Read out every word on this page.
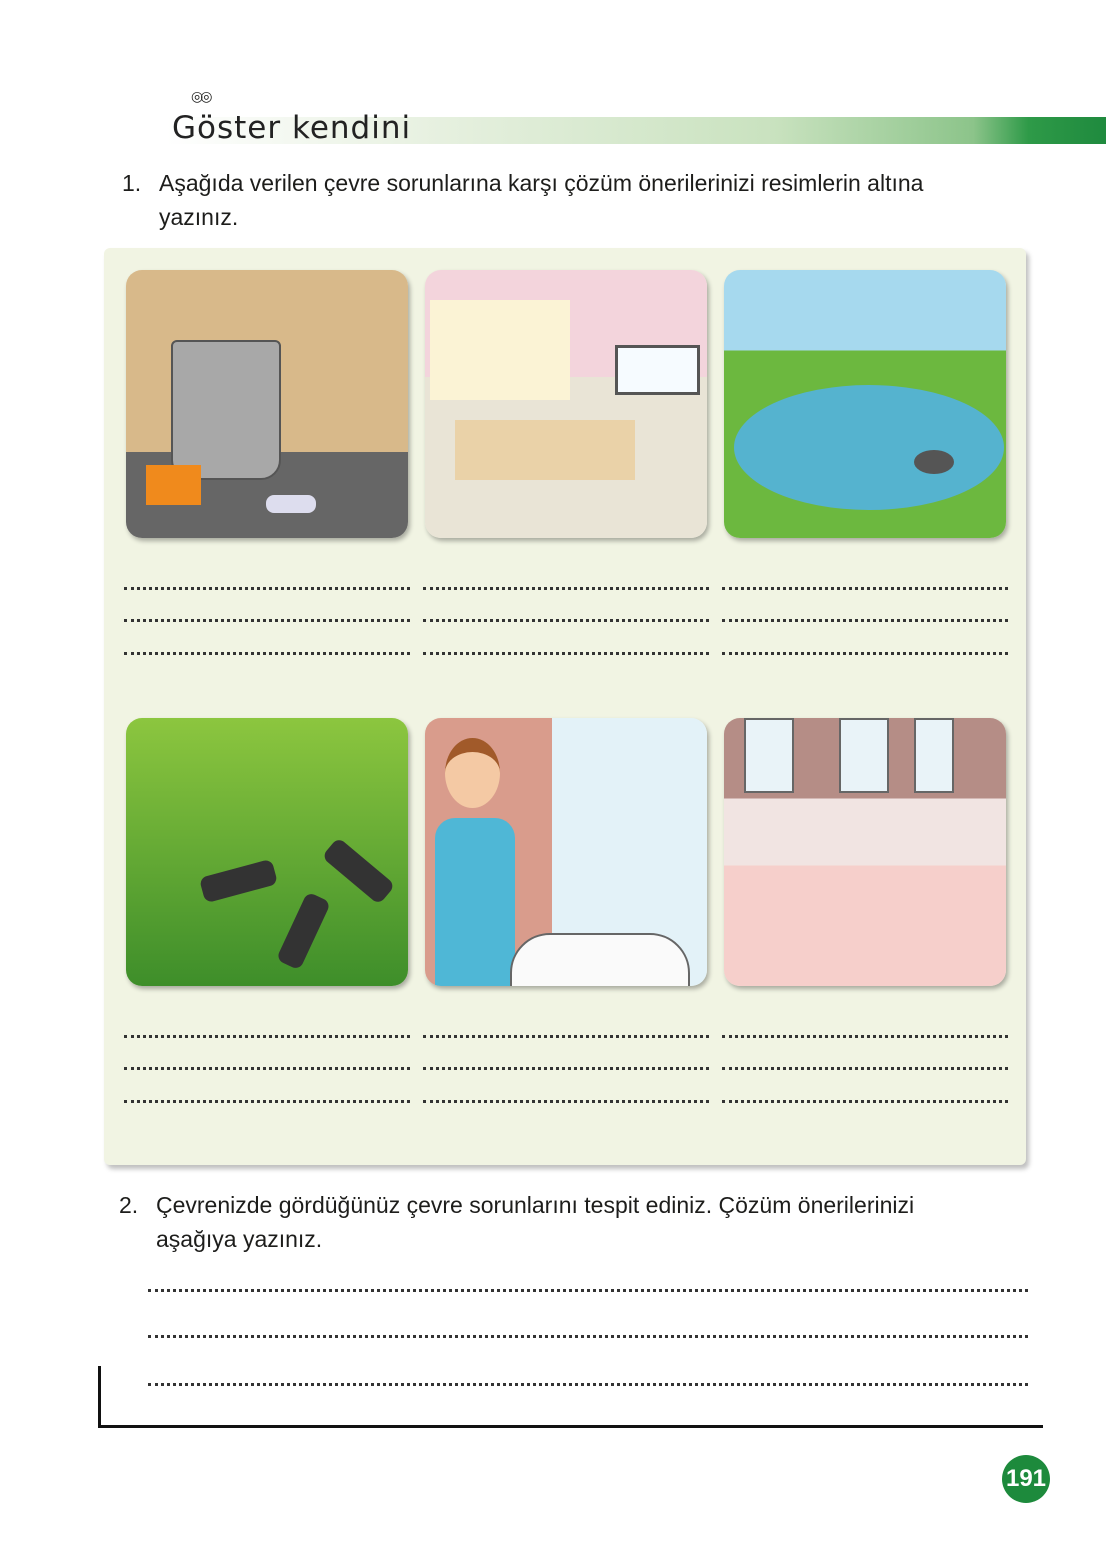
◎◎
Göster kendini
1. Aşağıda verilen çevre sorunlarına karşı çözüm önerilerinizi resimlerin altına
yazınız.
2. Çevrenizde gördüğünüz çevre sorunlarını tespit ediniz. Çözüm önerilerinizi
aşağıya yazınız.
191
